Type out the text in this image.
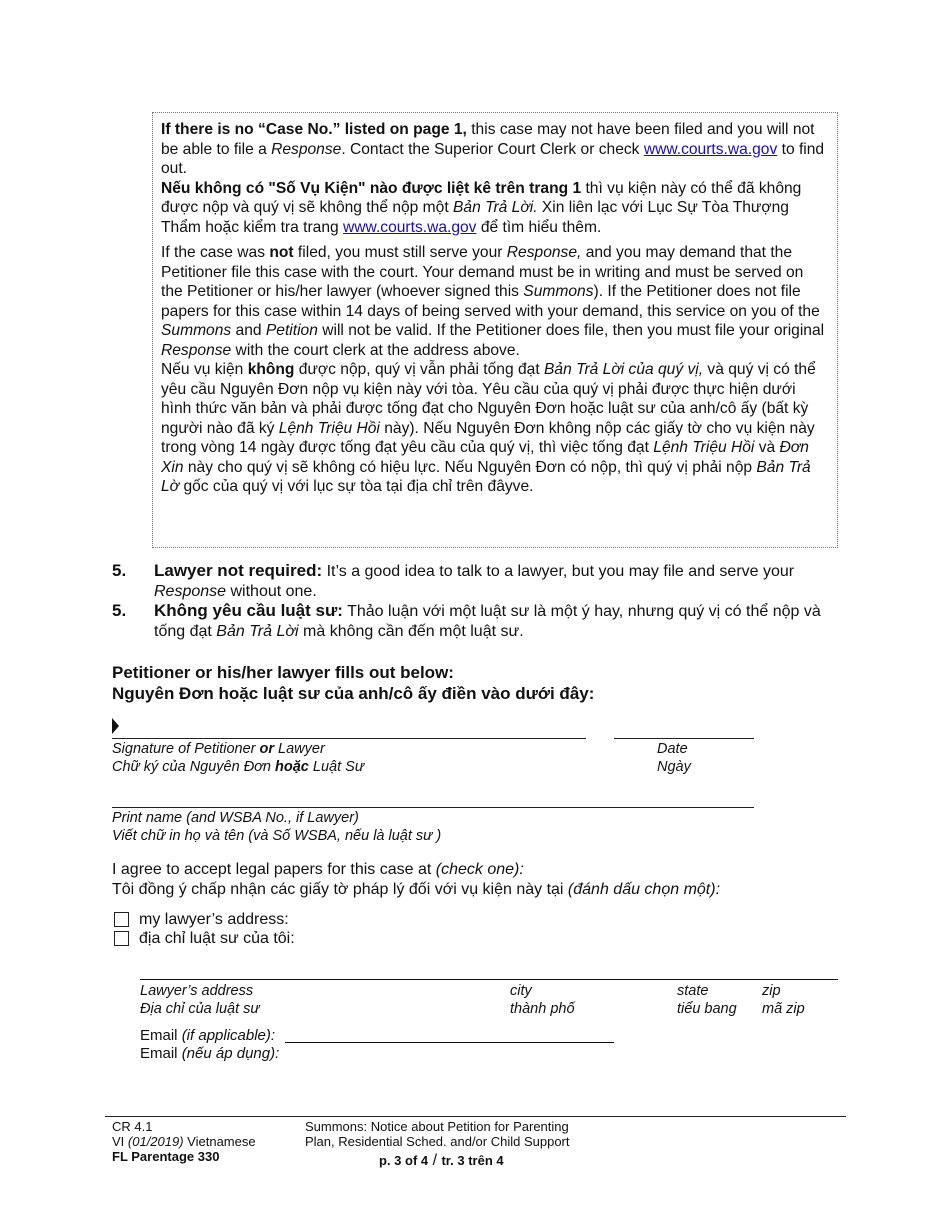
If there is no “Case No.” listed on page 1, this case may not have been filed and you will not be able to file a Response. Contact the Superior Court Clerk or check www.courts.wa.gov to find out.

Nếu không có "Số Vụ Kiện" nào được liệt kê trên trang 1 thì vụ kiện này có thể đã không được nộp và quý vị sẽ không thể nộp một Bản Trả Lời. Xin liên lạc với Lục Sự Tòa Thượng Thẩm hoặc kiểm tra trang www.courts.wa.gov để tìm hiểu thêm.

If the case was not filed, you must still serve your Response, and you may demand that the Petitioner file this case with the court. Your demand must be in writing and must be served on the Petitioner or his/her lawyer (whoever signed this Summons). If the Petitioner does not file papers for this case within 14 days of being served with your demand, this service on you of the Summons and Petition will not be valid. If the Petitioner does file, then you must file your original Response with the court clerk at the address above.

Nếu vụ kiện không được nộp, quý vị vẫn phải tống đạt Bản Trả Lời của quý vị, và quý vị có thể yêu cầu Nguyên Đơn nộp vụ kiện này với tòa. Yêu cầu của quý vị phải được thực hiện dưới hình thức văn bản và phải được tống đạt cho Nguyên Đơn hoặc luật sư của anh/cô ấy (bất kỳ người nào đã ký Lệnh Triệu Hồi này). Nếu Nguyên Đơn không nộp các giấy tờ cho vụ kiện này trong vòng 14 ngày được tống đạt yêu cầu của quý vị, thì việc tống đạt Lệnh Triệu Hồi và Đơn Xin này cho quý vị sẽ không có hiệu lực. Nếu Nguyên Đơn có nộp, thì quý vị phải nộp Bản Trả Lờ gốc của quý vị với lục sự tòa tại địa chỉ trên đâyve.

5. Lawyer not required: It’s a good idea to talk to a lawyer, but you may file and serve your Response without one.
5. Không yêu cầu luật sư: Thảo luận với một luật sư là một ý hay, nhưng quý vị có thể nộp và tống đạt Bản Trả Lời mà không cần đến một luật sư.
Petitioner or his/her lawyer fills out below:
Nguyên Đơn hoặc luật sư của anh/cô ấy điền vào dưới đây:
Signature of Petitioner or Lawyer
Chữ ký của Nguyên Đơn hoặc Luật Sư
Date
Ngày
Print name (and WSBA No., if Lawyer)
Viết chữ in họ và tên (và Số WSBA, nếu là luật sư )
I agree to accept legal papers for this case at (check one):
Tôi đồng ý chấp nhận các giấy tờ pháp lý đối với vụ kiện này tại (đánh dấu chọn một):
my lawyer’s address:
địa chỉ luật sư của tôi:
Lawyer’s address
Địa chỉ của luật sư
city
thành phố
state
tiểu bang
zip
mã zip
Email (if applicable):
Email (nếu áp dụng):
CR 4.1
VI (01/2019) Vietnamese
FL Parentage 330
Summons: Notice about Petition for Parenting
Plan, Residential Sched. and/or Child Support
p. 3 of 4 / tr. 3 trên 4
